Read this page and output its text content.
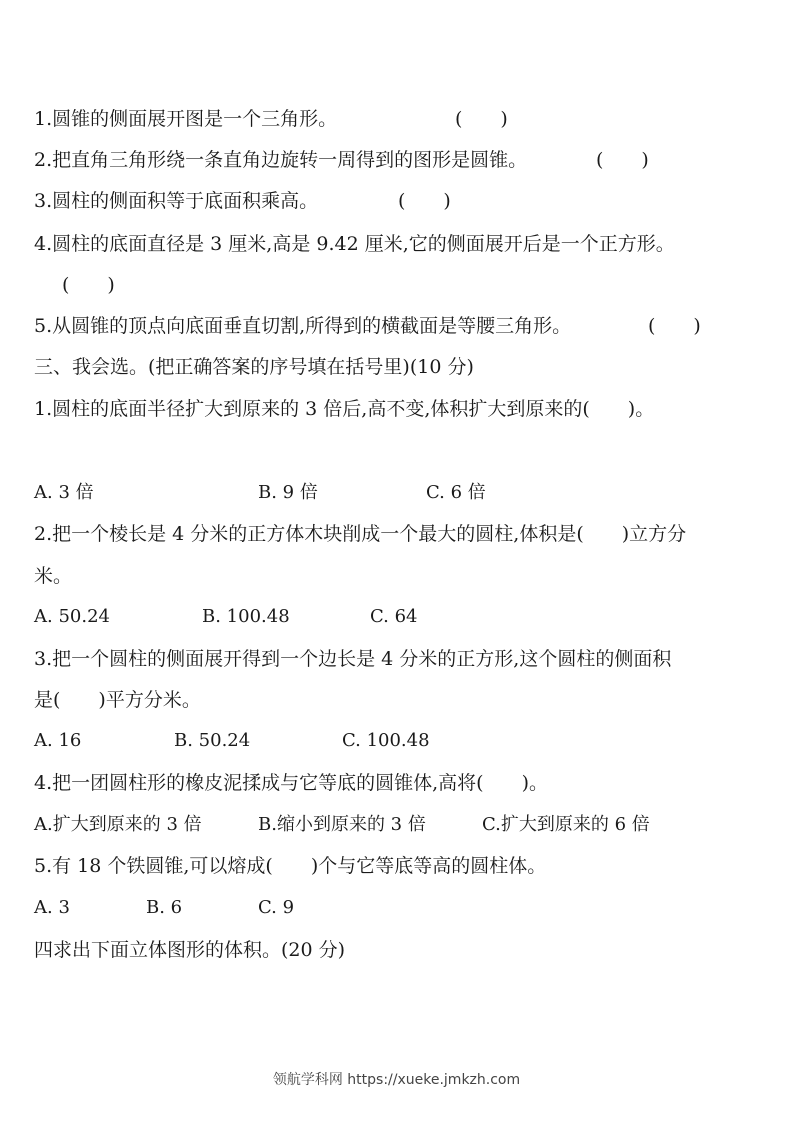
1.圆锥的侧面展开图是一个三角形。	(　　)
2.把直角三角形绕一条直角边旋转一周得到的图形是圆锥。	(　　)
3.圆柱的侧面积等于底面积乘高。	(　　)
4.圆柱的底面直径是 3 厘米,高是 9.42 厘米,它的侧面展开后是一个正方形。
(　　)
5.从圆锥的顶点向底面垂直切割,所得到的横截面是等腰三角形。	(　　)
三、我会选。(把正确答案的序号填在括号里)(10 分)
1.圆柱的底面半径扩大到原来的 3 倍后,高不变,体积扩大到原来的(　　)。
A. 3 倍	B. 9 倍	C. 6 倍
2.把一个棱长是 4 分米的正方体木块削成一个最大的圆柱,体积是(　　)立方分
米。
A. 50.24	B. 100.48	C. 64
3.把一个圆柱的侧面展开得到一个边长是 4 分米的正方形,这个圆柱的侧面积
是(　　)平方分米。
A. 16	B. 50.24	C. 100.48
4.把一团圆柱形的橡皮泥揉成与它等底的圆锥体,高将(　　)。
A.扩大到原来的 3 倍	B.缩小到原来的 3 倍	C.扩大到原来的 6 倍
5.有 18 个铁圆锥,可以熔成(　　)个与它等底等高的圆柱体。
A. 3	B. 6	C. 9
四求出下面立体图形的体积。(20 分)
领航学科网 https://xueke.jmkzh.com
